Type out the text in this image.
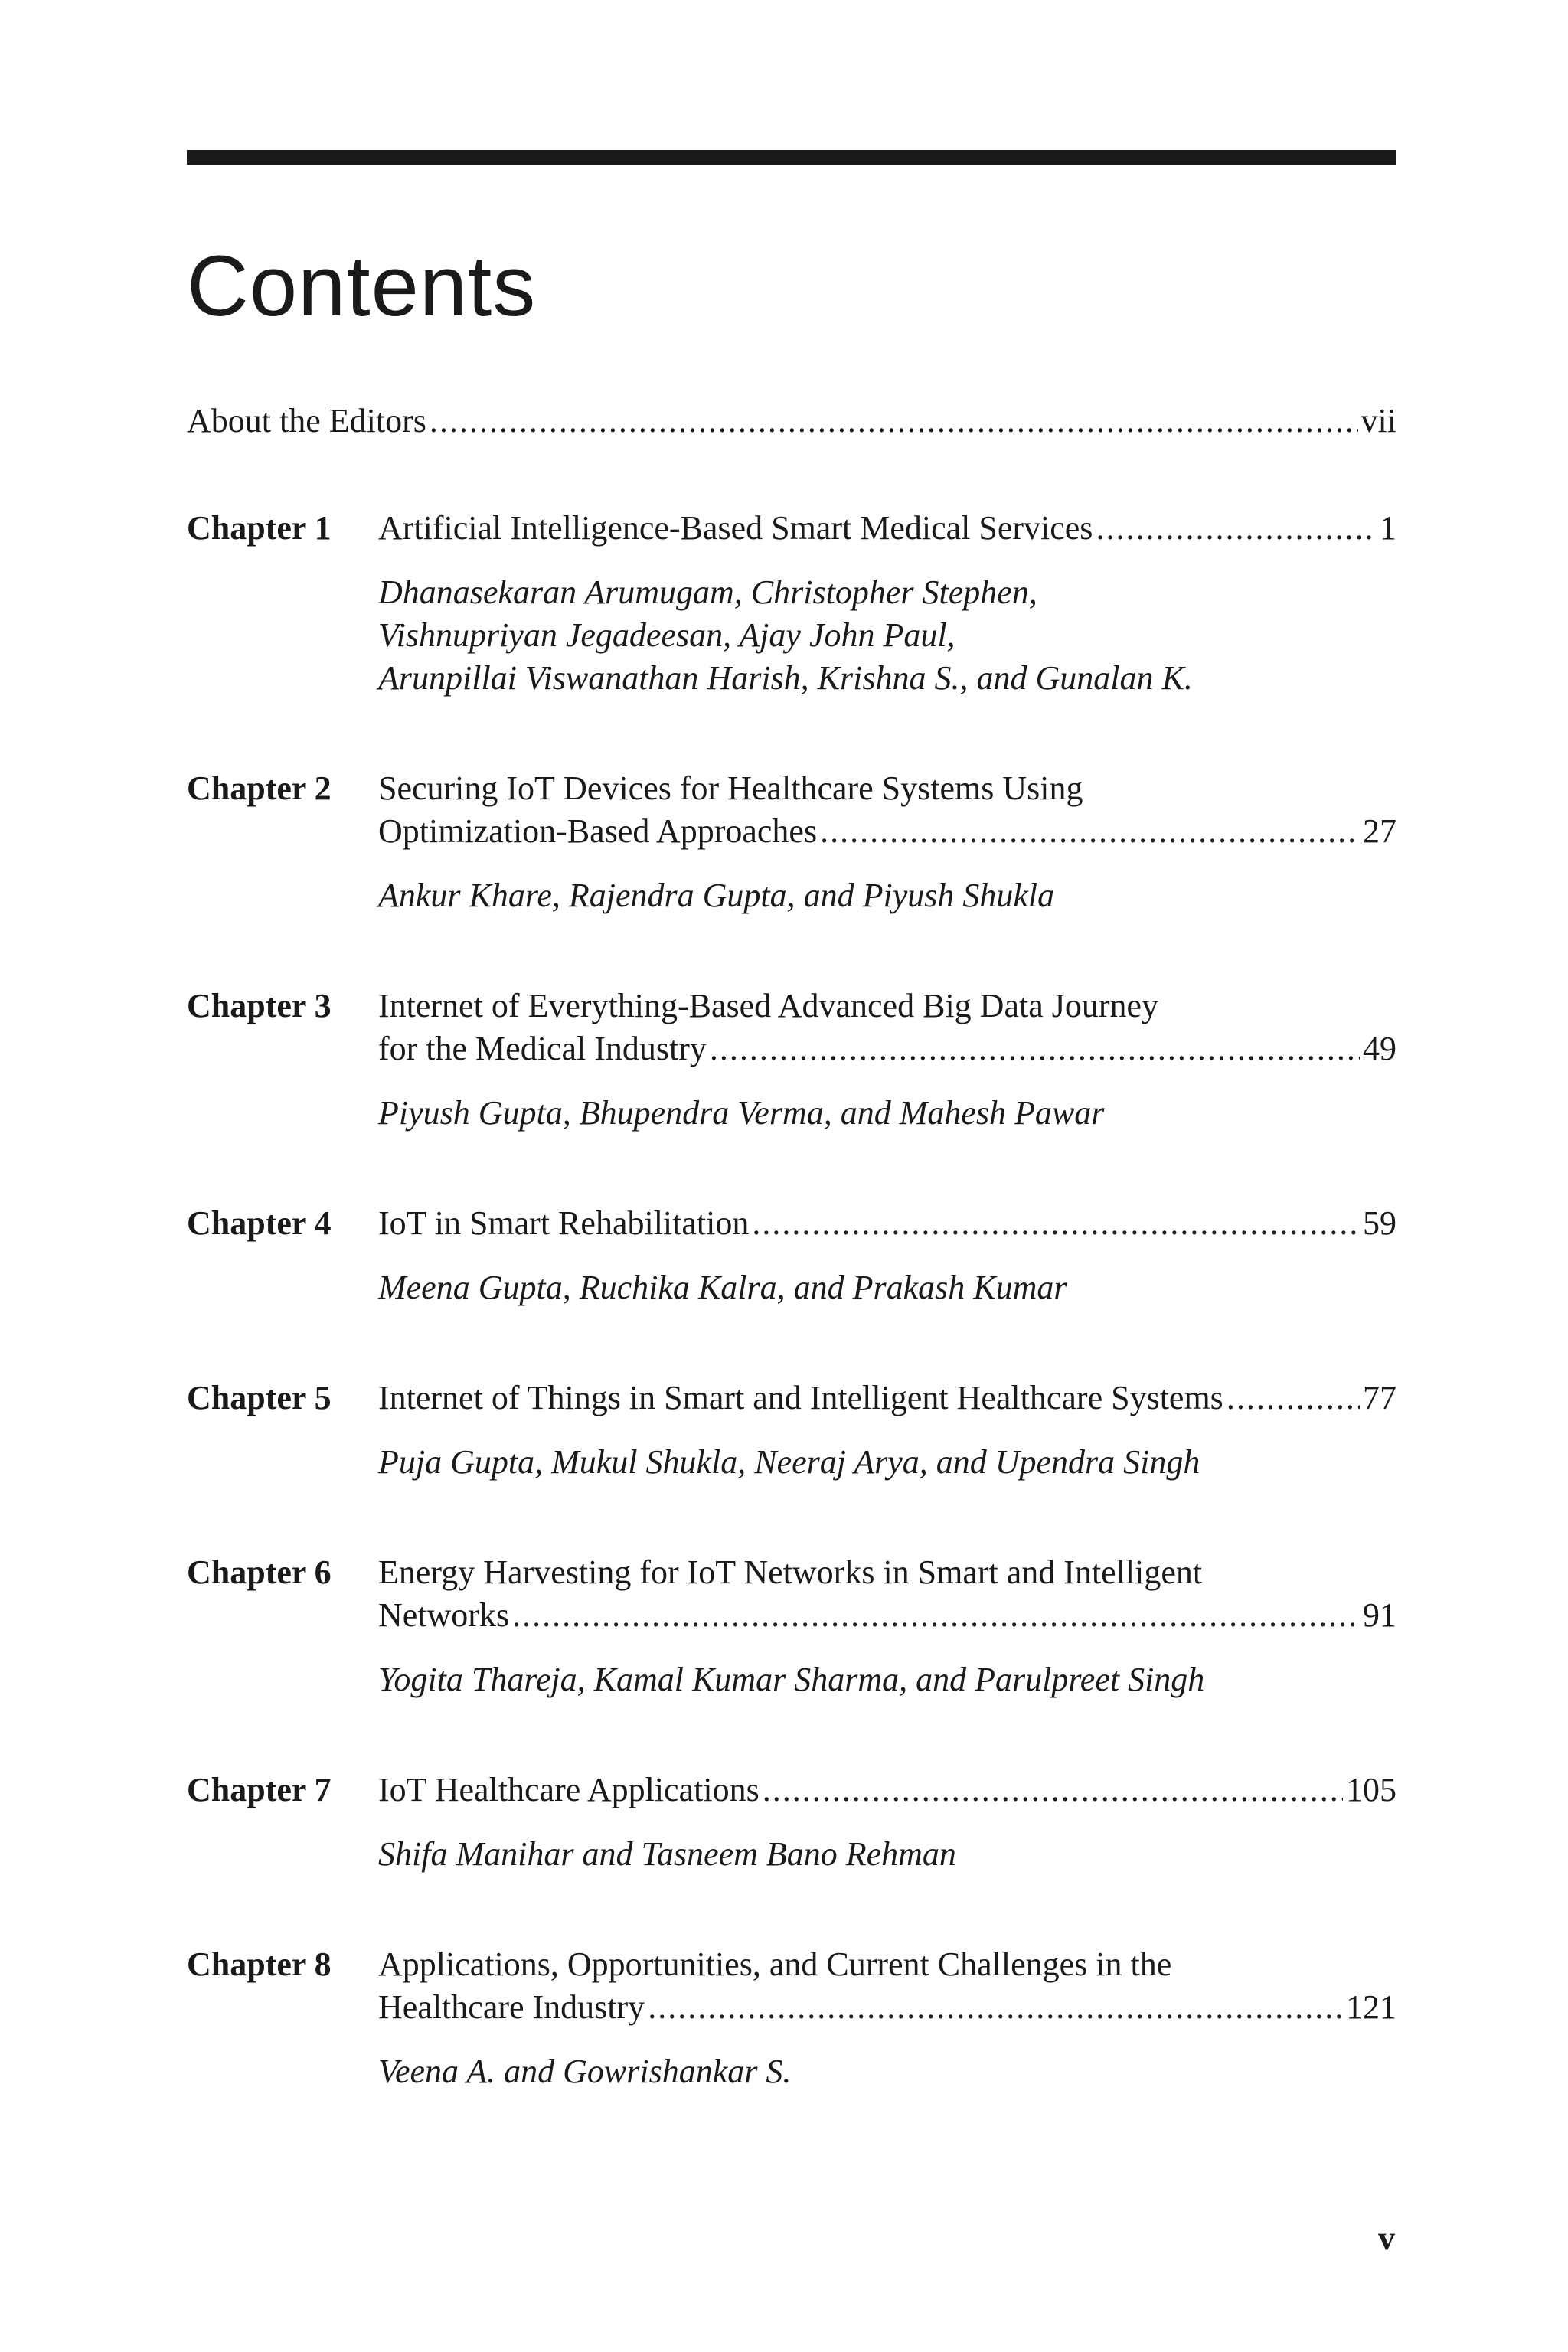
Contents
About the Editors .....	vii
Chapter 1	Artificial Intelligence-Based Smart Medical Services .....	1
Dhanasekaran Arumugam, Christopher Stephen,
Vishnupriyan Jegadeesan, Ajay John Paul,
Arunpillai Viswanathan Harish, Krishna S., and Gunalan K.
Chapter 2	Securing IoT Devices for Healthcare Systems Using
Optimization-Based Approaches .....	27
Ankur Khare, Rajendra Gupta, and Piyush Shukla
Chapter 3	Internet of Everything-Based Advanced Big Data Journey
for the Medical Industry .....	49
Piyush Gupta, Bhupendra Verma, and Mahesh Pawar
Chapter 4	IoT in Smart Rehabilitation .....	59
Meena Gupta, Ruchika Kalra, and Prakash Kumar
Chapter 5	Internet of Things in Smart and Intelligent Healthcare Systems .....	77
Puja Gupta, Mukul Shukla, Neeraj Arya, and Upendra Singh
Chapter 6	Energy Harvesting for IoT Networks in Smart and Intelligent
Networks .....	91
Yogita Thareja, Kamal Kumar Sharma, and Parulpreet Singh
Chapter 7	IoT Healthcare Applications .....	105
Shifa Manihar and Tasneem Bano Rehman
Chapter 8	Applications, Opportunities, and Current Challenges in the
Healthcare Industry .....	121
Veena A. and Gowrishankar S.
v
